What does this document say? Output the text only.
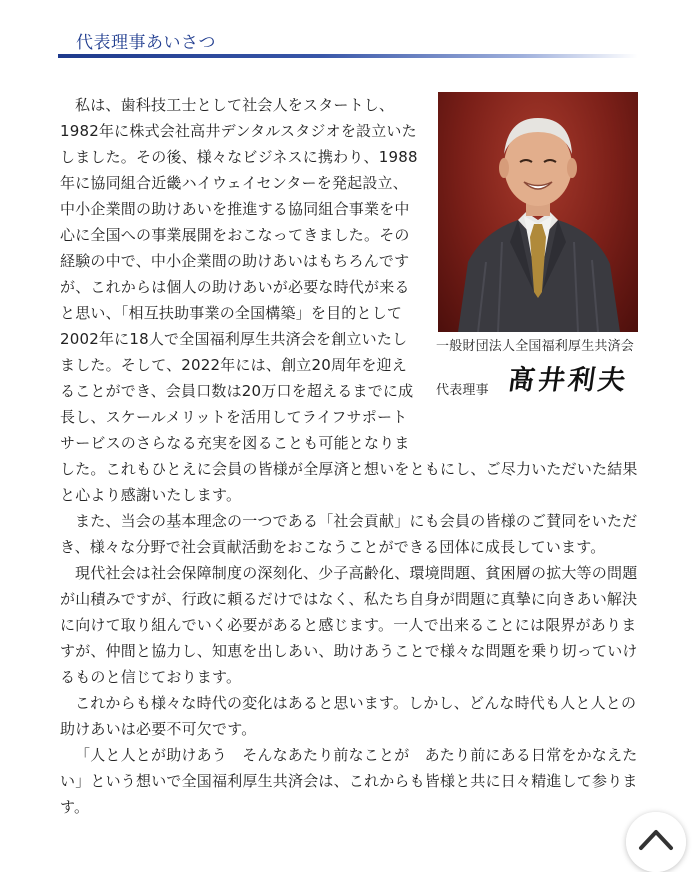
代表理事あいさつ
一般財団法人全国福利厚生共済会
代表理事 髙井利夫

私は、歯科技工士として社会人をスタートし、1982年に株式会社高井デンタルスタジオを設立いたしました。その後、様々なビジネスに携わり、1988年に協同組合近畿ハイウェイセンターを発起設立、中小企業間の助けあいを推進する協同組合事業を中心に全国への事業展開をおこなってきました。その経験の中で、中小企業間の助けあいはもちろんですが、これからは個人の助けあいが必要な時代が来ると思い、「相互扶助事業の全国構築」を目的として2002年に18人で全国福利厚生共済会を創立いたしました。そして、2022年には、創立20周年を迎えることができ、会員口数は20万口を超えるまでに成長し、スケールメリットを活用してライフサポートサービスのさらなる充実を図ることも可能となりました。これもひとえに会員の皆様が全厚済と想いをともにし、ご尽力いただいた結果と心より感謝いたします。

また、当会の基本理念の一つである「社会貢献」にも会員の皆様のご賛同をいただき、様々な分野で社会貢献活動をおこなうことができる団体に成長しています。

現代社会は社会保障制度の深刻化、少子高齢化、環境問題、貧困層の拡大等の問題が山積みですが、行政に頼るだけではなく、私たち自身が問題に真摯に向きあい解決に向けて取り組んでいく必要があると感じます。一人で出来ることには限界がありますが、仲間と協力し、知恵を出しあい、助けあうことで様々な問題を乗り切っていけるものと信じております。

これからも様々な時代の変化はあると思います。しかし、どんな時代も人と人との助けあいは必要不可欠です。

「人と人とが助けあう　そんなあたり前なことが　あたり前にある日常をかなえたい」という想いで全国福利厚生共済会は、これからも皆様と共に日々精進して参ります。
